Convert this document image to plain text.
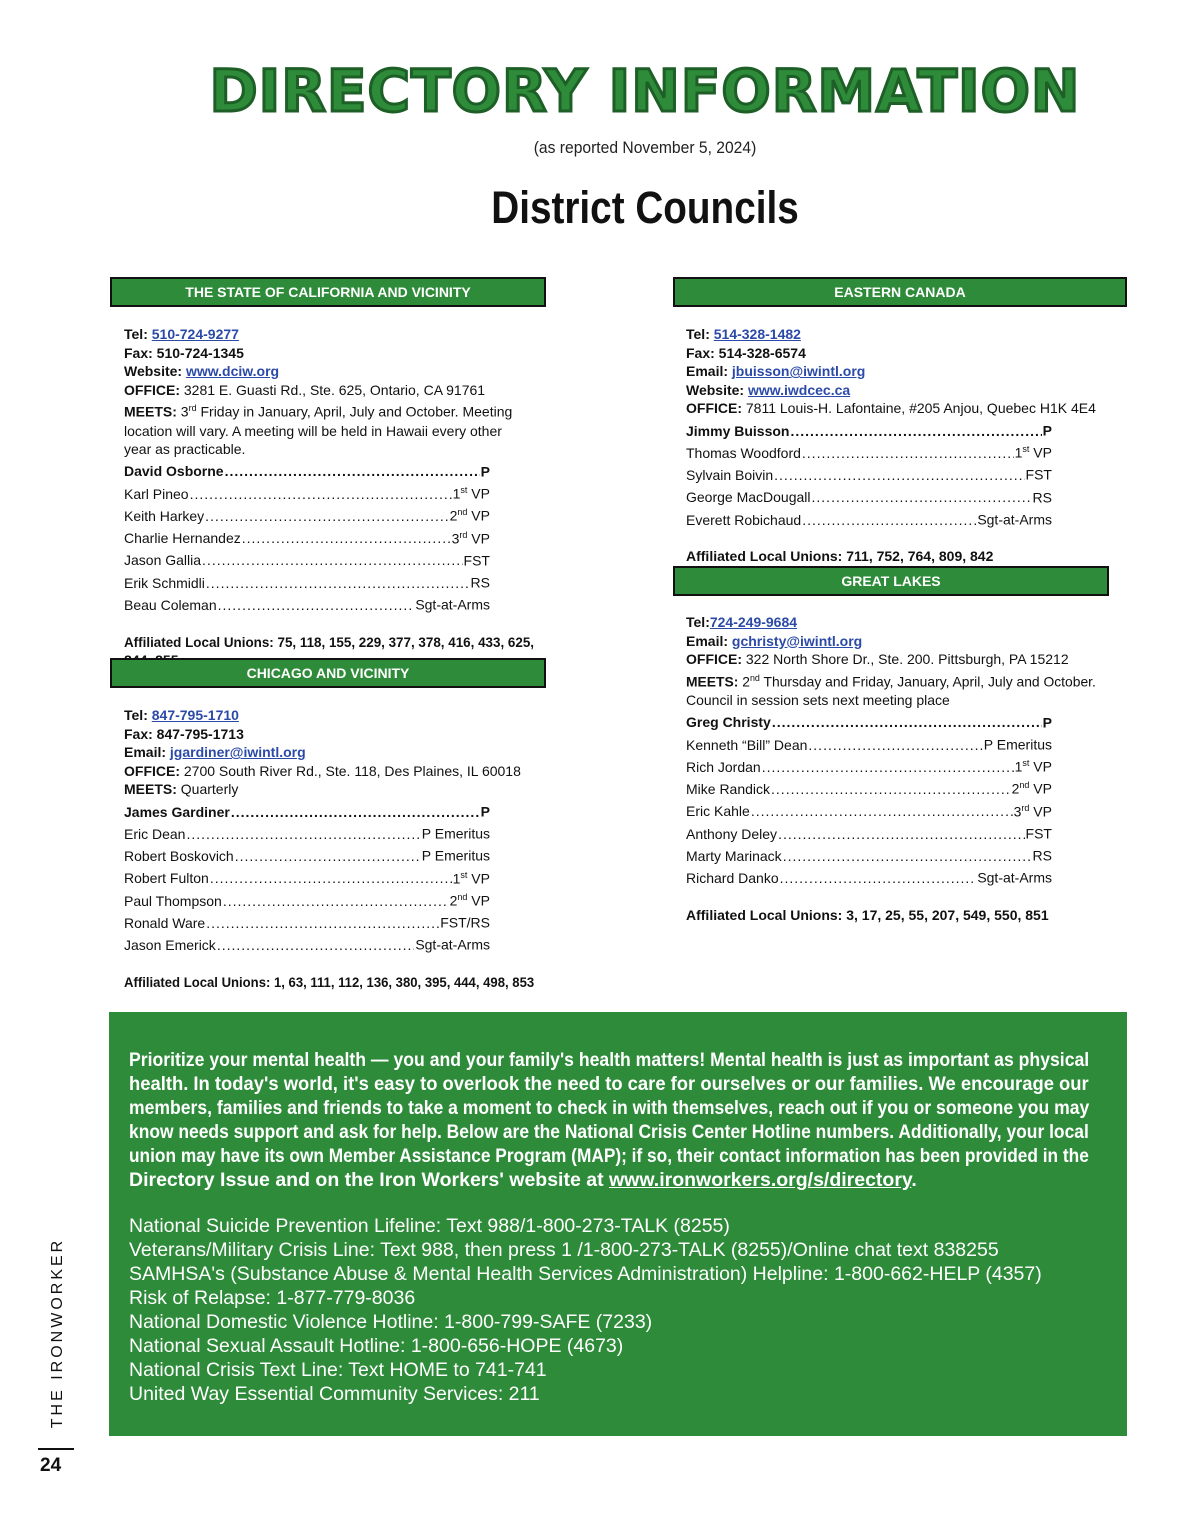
DIRECTORY INFORMATION
(as reported November 5, 2024)
District Councils
THE STATE OF CALIFORNIA AND VICINITY
Tel: 510-724-9277
Fax: 510-724-1345
Website: www.dciw.org
OFFICE: 3281 E. Guasti Rd., Ste. 625, Ontario, CA 91761
MEETS: 3rd Friday in January, April, July and October. Meeting
location will vary. A meeting will be held in Hawaii every other
year as practicable.
David Osborne .....	P
Karl Pineo .....	1st VP
Keith Harkey .....	2nd VP
Charlie Hernandez .....	3rd VP
Jason Gallia .....	FST
Erik Schmidli .....	RS
Beau Coleman .....	Sgt-at-Arms
Affiliated Local Unions: 75, 118, 155, 229, 377, 378, 416, 433, 625,
CHICAGO AND VICINITY
Tel: 847-795-1710
Fax: 847-795-1713
Email: jgardiner@iwintl.org
OFFICE: 2700 South River Rd., Ste. 118, Des Plaines, IL 60018
MEETS: Quarterly
James Gardiner .....	P
Eric Dean .....	P Emeritus
Robert Boskovich .....	P Emeritus
Robert Fulton .....	1st VP
Paul Thompson .....	2nd VP
Ronald Ware .....	FST/RS
Jason Emerick .....	Sgt-at-Arms
Affiliated Local Unions: 1, 63, 111, 112, 136, 380, 395, 444, 498, 853
EASTERN CANADA
Tel: 514-328-1482
Fax: 514-328-6574
Email: jbuisson@iwintl.org
Website: www.iwdcec.ca
OFFICE: 7811 Louis-H. Lafontaine, #205 Anjou, Quebec H1K 4E4
Jimmy Buisson .....	P
Thomas Woodford .....	1st VP
Sylvain Boivin .....	FST
George MacDougall .....	RS
Everett Robichaud .....	Sgt-at-Arms
Affiliated Local Unions: 711, 752, 764, 809, 842
GREAT LAKES
Tel:724-249-9684
Email: gchristy@iwintl.org
OFFICE: 322 North Shore Dr., Ste. 200. Pittsburgh, PA 15212
MEETS: 2nd Thursday and Friday, January, April, July and October.
Council in session sets next meeting place
Greg Christy .....	P
Kenneth “Bill” Dean .....	P Emeritus
Rich Jordan .....	1st VP
Mike Randick .....	2nd VP
Eric Kahle .....	3rd VP
Anthony Deley .....	FST
Marty Marinack .....	RS
Richard Danko .....	Sgt-at-Arms
Affiliated Local Unions: 3, 17, 25, 55, 207, 549, 550, 851
Prioritize your mental health — you and your family's health matters! Mental health is just as important as physical
health. In today's world, it's easy to overlook the need to care for ourselves or our families. We encourage our
members, families and friends to take a moment to check in with themselves, reach out if you or someone you may
know needs support and ask for help. Below are the National Crisis Center Hotline numbers. Additionally, your local
union may have its own Member Assistance Program (MAP); if so, their contact information has been provided in the
Directory Issue and on the Iron Workers' website at www.ironworkers.org/s/directory.
National Suicide Prevention Lifeline: Text 988/1-800-273-TALK (8255)
Veterans/Military Crisis Line: Text 988, then press 1 /1-800-273-TALK (8255)/Online chat text 838255
SAMHSA's (Substance Abuse & Mental Health Services Administration) Helpline: 1-800-662-HELP (4357)
Risk of Relapse: 1-877-779-8036
National Domestic Violence Hotline: 1-800-799-SAFE (7233)
National Sexual Assault Hotline: 1-800-656-HOPE (4673)
National Crisis Text Line: Text HOME to 741-741
United Way Essential Community Services: 211
THE IRONWORKER
24
